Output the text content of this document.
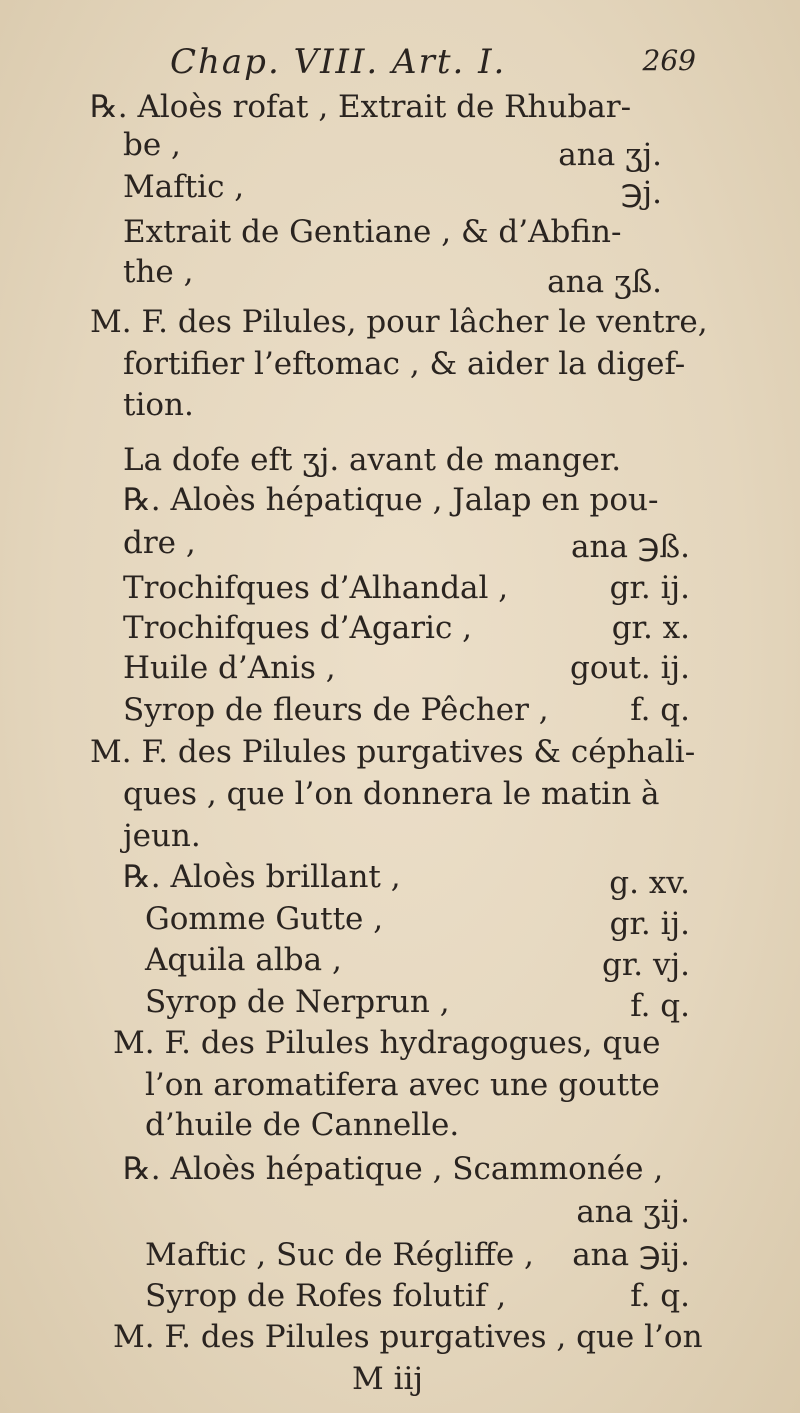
Chap. VIII. Art. I.	269
℞. Aloès rofat , Extrait de Rhubar-
be ,	ana ʒj.
Maftic ,	℈j.
Extrait de Gentiane , & d’Abfin-
the ,	ana ʒß.
M. F. des Pilules, pour lâcher le ventre,
fortifier l’eftomac , & aider la digef-
tion.
La dofe eft ʒj. avant de manger.
℞. Aloès hépatique , Jalap en pou-
dre ,	ana ℈ß.
Trochifques d’Alhandal ,	gr. ij.
Trochifques d’Agaric ,	gr. x.
Huile d’Anis ,	gout. ij.
Syrop de fleurs de Pêcher ,	f. q.
M. F. des Pilules purgatives & céphali-
ques , que l’on donnera le matin à
jeun.
℞. Aloès brillant ,	g. xv.
Gomme Gutte ,	gr. ij.
Aquila alba ,	gr. vj.
Syrop de Nerprun ,	f. q.
M. F. des Pilules hydragogues, que
l’on aromatifera avec une goutte
d’huile de Cannelle.
℞. Aloès hépatique , Scammonée ,
ana ʒij.
Maftic , Suc de Régliffe , ana ℈ij.
Syrop de Rofes folutif ,	f. q.
M. F. des Pilules purgatives , que l’on
M iij
